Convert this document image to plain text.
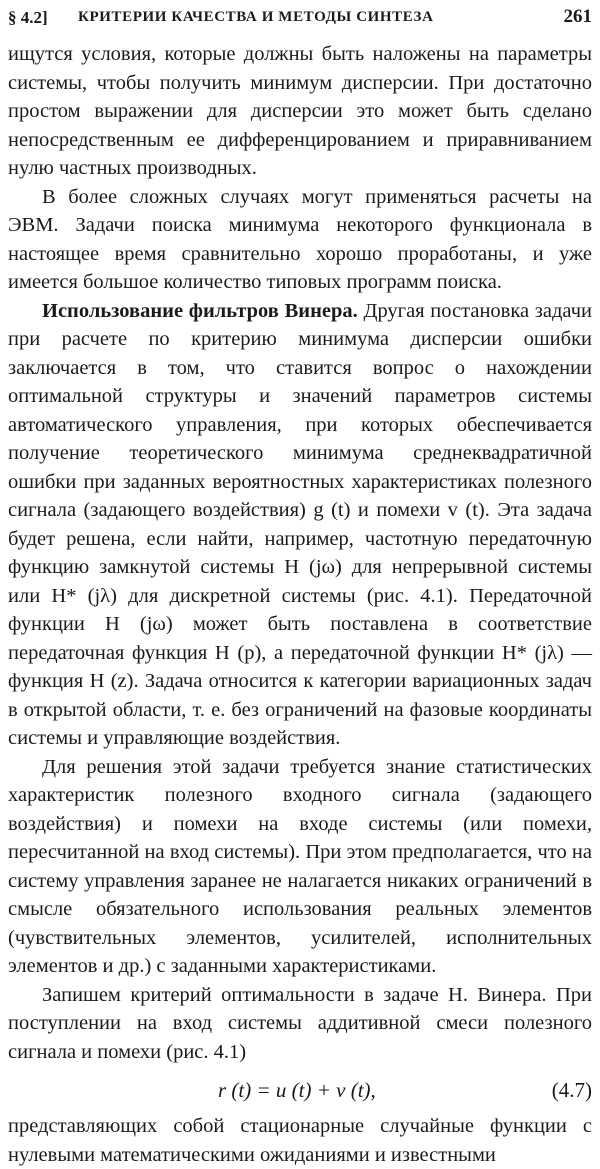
§ 4.2] КРИТЕРИИ КАЧЕСТВА И МЕТОДЫ СИНТЕЗА	261

ищутся условия, которые должны быть наложены на параметры системы, чтобы получить минимум дисперсии. При достаточно простом выражении для дисперсии это может быть сделано непосредственным ее дифференцированием и приравниванием нулю частных производных.

В более сложных случаях могут применяться расчеты на ЭВМ. Задачи поиска минимума некоторого функционала в настоящее время сравнительно хорошо проработаны, и уже имеется большое количество типовых программ поиска.

Использование фильтров Винера. Другая постановка задачи при расчете по критерию минимума дисперсии ошибки заключается в том, что ставится вопрос о нахождении оптимальной структуры и значений параметров системы автоматического управления, при которых обеспечивается получение теоретического минимума среднеквадратичной ошибки при заданных вероятностных характеристиках полезного сигнала (задающего воздействия) g (t) и помехи v (t). Эта задача будет решена, если найти, например, частотную передаточную функцию замкнутой системы H (jω) для непрерывной системы или H* (jλ) для дискретной системы (рис. 4.1). Передаточной функции H (jω) может быть поставлена в соответствие передаточная функция H (p), а передаточной функции H* (jλ) — функция H (z). Задача относится к категории вариационных задач в открытой области, т. е. без ограничений на фазовые координаты системы и управляющие воздействия.

Для решения этой задачи требуется знание статистических характеристик полезного входного сигнала (задающего воздействия) и помехи на входе системы (или помехи, пересчитанной на вход системы). При этом предполагается, что на систему управления заранее не налагается никаких ограничений в смысле обязательного использования реальных элементов (чувствительных элементов, усилителей, исполнительных элементов и др.) с заданными характеристиками.

Запишем критерий оптимальности в задаче Н. Винера. При поступлении на вход системы аддитивной смеси полезного сигнала и помехи (рис. 4.1)

r (t) = u (t) + v (t),	(4.7)

представляющих собой стационарные случайные функции с нулевыми математическими ожиданиями и известными
